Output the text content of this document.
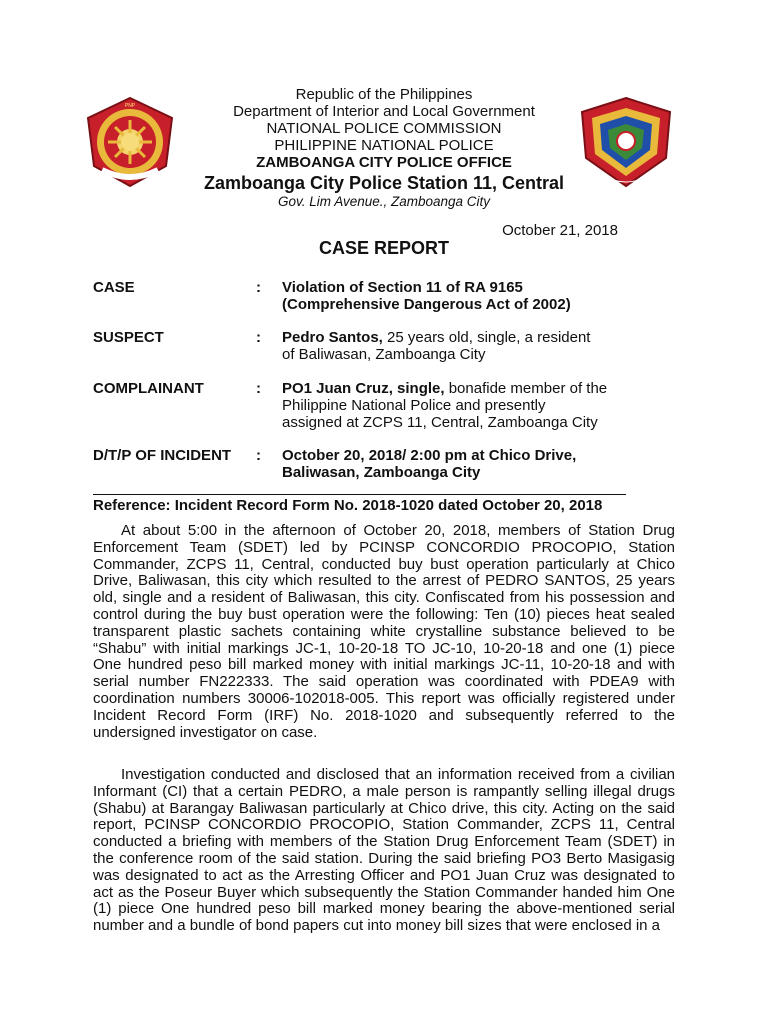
PNP
Republic of the Philippines
Department of Interior and Local Government
NATIONAL POLICE COMMISSION
PHILIPPINE NATIONAL POLICE
ZAMBOANGA CITY POLICE OFFICE
Zamboanga City Police Station 11, Central
Gov. Lim Avenue., Zamboanga City
October 21, 2018
CASE REPORT
CASE	: Violation of Section 11 of RA 9165
(Comprehensive Dangerous Act of 2002)
SUSPECT	: Pedro Santos, 25 years old, single, a resident
of Baliwasan, Zamboanga City
COMPLAINANT	: PO1 Juan Cruz, single, bonafide member of the
Philippine National Police and presently
assigned at ZCPS 11, Central, Zamboanga City
D/T/P OF INCIDENT	: October 20, 2018/ 2:00 pm at Chico Drive,
Baliwasan, Zamboanga City
Reference: Incident Record Form No. 2018-1020 dated October 20, 2018

At about 5:00 in the afternoon of October 20, 2018, members of Station Drug Enforcement Team (SDET) led by PCINSP CONCORDIO PROCOPIO, Station Commander, ZCPS 11, Central, conducted buy bust operation particularly at Chico Drive, Baliwasan, this city which resulted to the arrest of PEDRO SANTOS, 25 years old, single and a resident of Baliwasan, this city. Confiscated from his possession and control during the buy bust operation were the following: Ten (10) pieces heat sealed transparent plastic sachets containing white crystalline substance believed to be “Shabu” with initial markings JC-1, 10-20-18 TO JC-10, 10-20-18 and one (1) piece One hundred peso bill marked money with initial markings JC-11, 10-20-18 and with serial number FN222333. The said operation was coordinated with PDEA9 with coordination numbers 30006-102018-005. This report was officially registered under Incident Record Form (IRF) No. 2018-1020 and subsequently referred to the undersigned investigator on case.

Investigation conducted and disclosed that an information received from a civilian Informant (CI) that a certain PEDRO, a male person is rampantly selling illegal drugs (Shabu) at Barangay Baliwasan particularly at Chico drive, this city. Acting on the said report, PCINSP CONCORDIO PROCOPIO, Station Commander, ZCPS 11, Central conducted a briefing with members of the Station Drug Enforcement Team (SDET) in the conference room of the said station. During the said briefing PO3 Berto Masigasig was designated to act as the Arresting Officer and PO1 Juan Cruz was designated to act as the Poseur Buyer which subsequently the Station Commander handed him One (1) piece One hundred peso bill marked money bearing the above-mentioned serial number and a bundle of bond papers cut into money bill sizes that were enclosed in a
